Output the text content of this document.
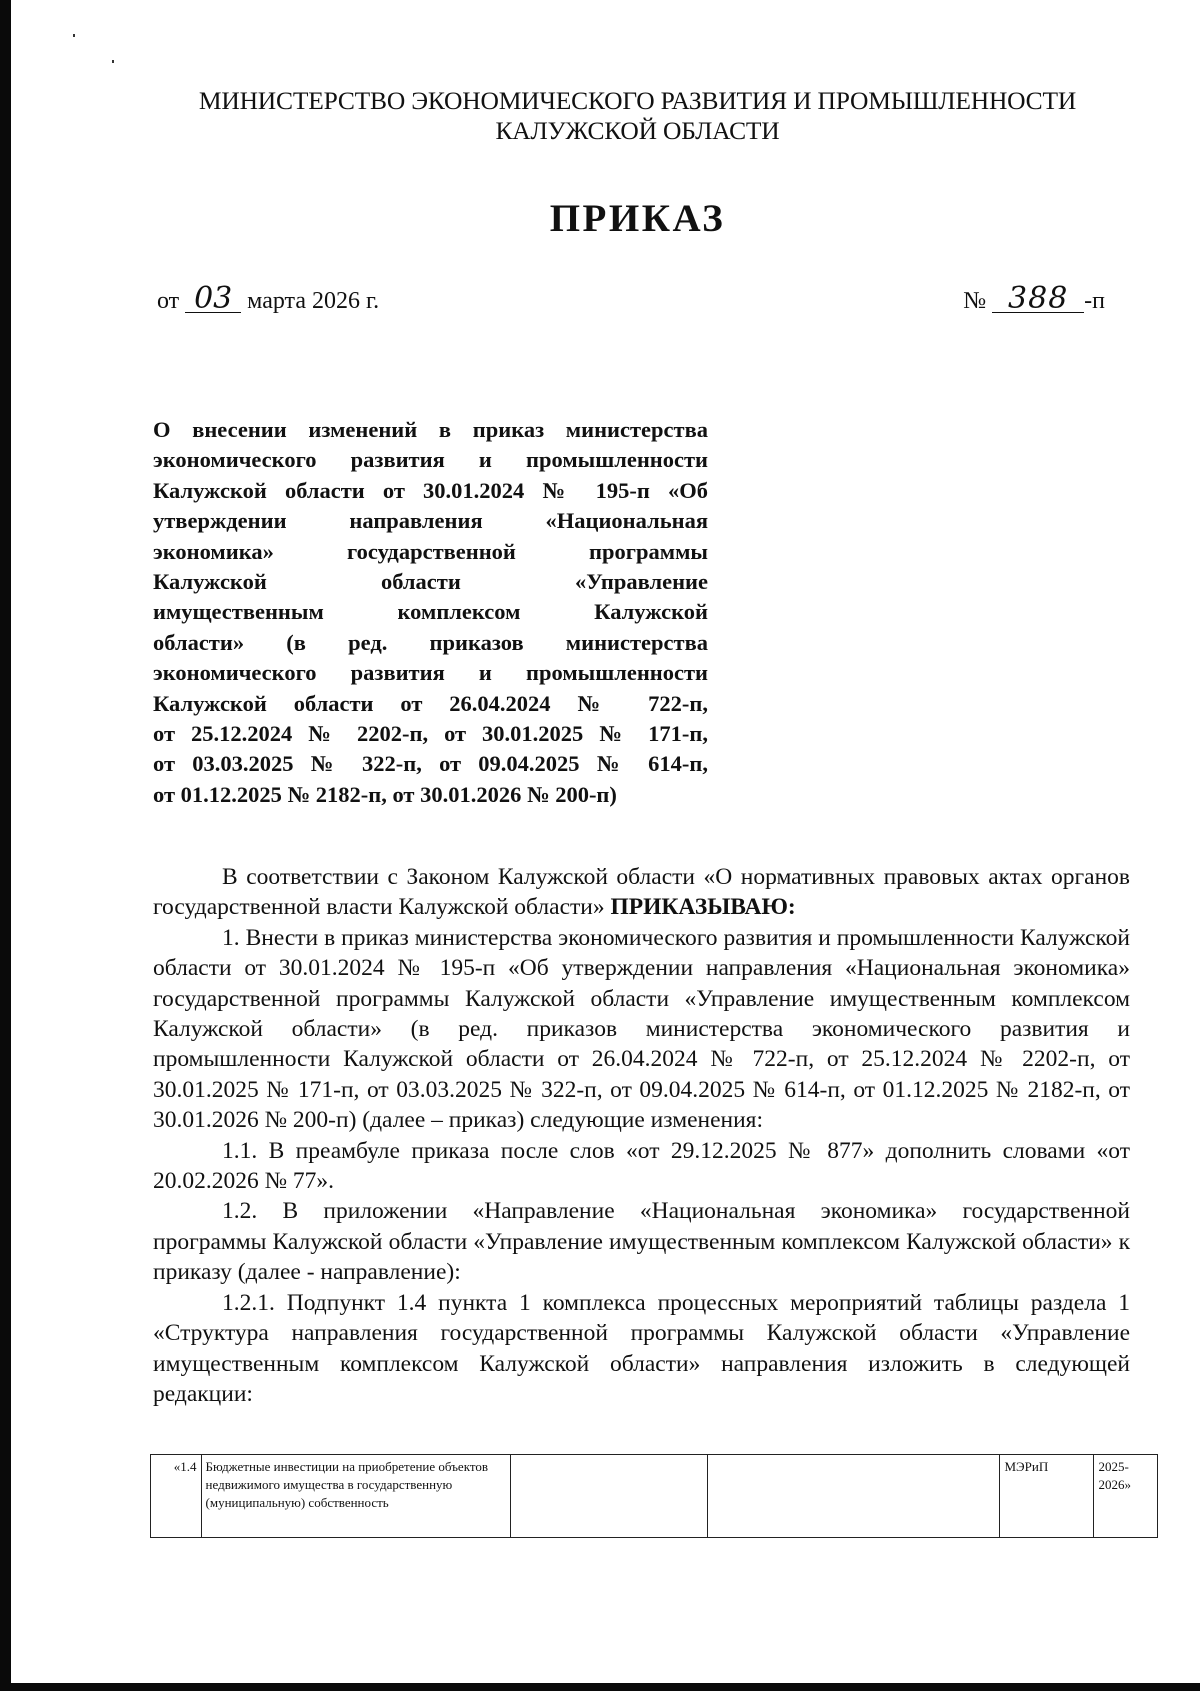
МИНИСТЕРСТВО ЭКОНОМИЧЕСКОГО РАЗВИТИЯ И ПРОМЫШЛЕННОСТИ
КАЛУЖСКОЙ ОБЛАСТИ
ПРИКАЗ
от 03 марта 2026 г.	№ 388 -п
О внесении изменений в приказ министерства
экономического развития и промышленности
Калужской области от 30.01.2024 № 195-п «Об
утверждении направления «Национальная
экономика» государственной программы
Калужской области «Управление
имущественным комплексом Калужской
области» (в ред. приказов министерства
экономического развития и промышленности
Калужской области от 26.04.2024 № 722-п,
от 25.12.2024 № 2202-п, от 30.01.2025 № 171-п,
от 03.03.2025 № 322-п, от 09.04.2025 № 614-п,
от 01.12.2025 № 2182-п, от 30.01.2026 № 200-п)

В соответствии с Законом Калужской области «О нормативных правовых актах органов государственной власти Калужской области» ПРИКАЗЫВАЮ:

1. Внести в приказ министерства экономического развития и промышленности Калужской области от 30.01.2024 № 195-п «Об утверждении направления «Национальная экономика» государственной программы Калужской области «Управление имущественным комплексом Калужской области» (в ред. приказов министерства экономического развития и промышленности Калужской области от 26.04.2024 № 722-п, от 25.12.2024 № 2202-п, от 30.01.2025 № 171-п, от 03.03.2025 № 322-п, от 09.04.2025 № 614-п, от 01.12.2025 № 2182-п, от 30.01.2026 № 200-п) (далее – приказ) следующие изменения:

1.1. В преамбуле приказа после слов «от 29.12.2025 № 877» дополнить словами «от 20.02.2026 № 77».

1.2. В приложении «Направление «Национальная экономика» государственной программы Калужской области «Управление имущественным комплексом Калужской области» к приказу (далее - направление):

1.2.1. Подпункт 1.4 пункта 1 комплекса процессных мероприятий таблицы раздела 1 «Структура направления государственной программы Калужской области «Управление имущественным комплексом Калужской области» направления изложить в следующей редакции:

«1.4	Бюджетные инвестиции на приобретение объектов недвижимого имущества в государственную (муниципальную) собственность			МЭРиП	2025-2026»
